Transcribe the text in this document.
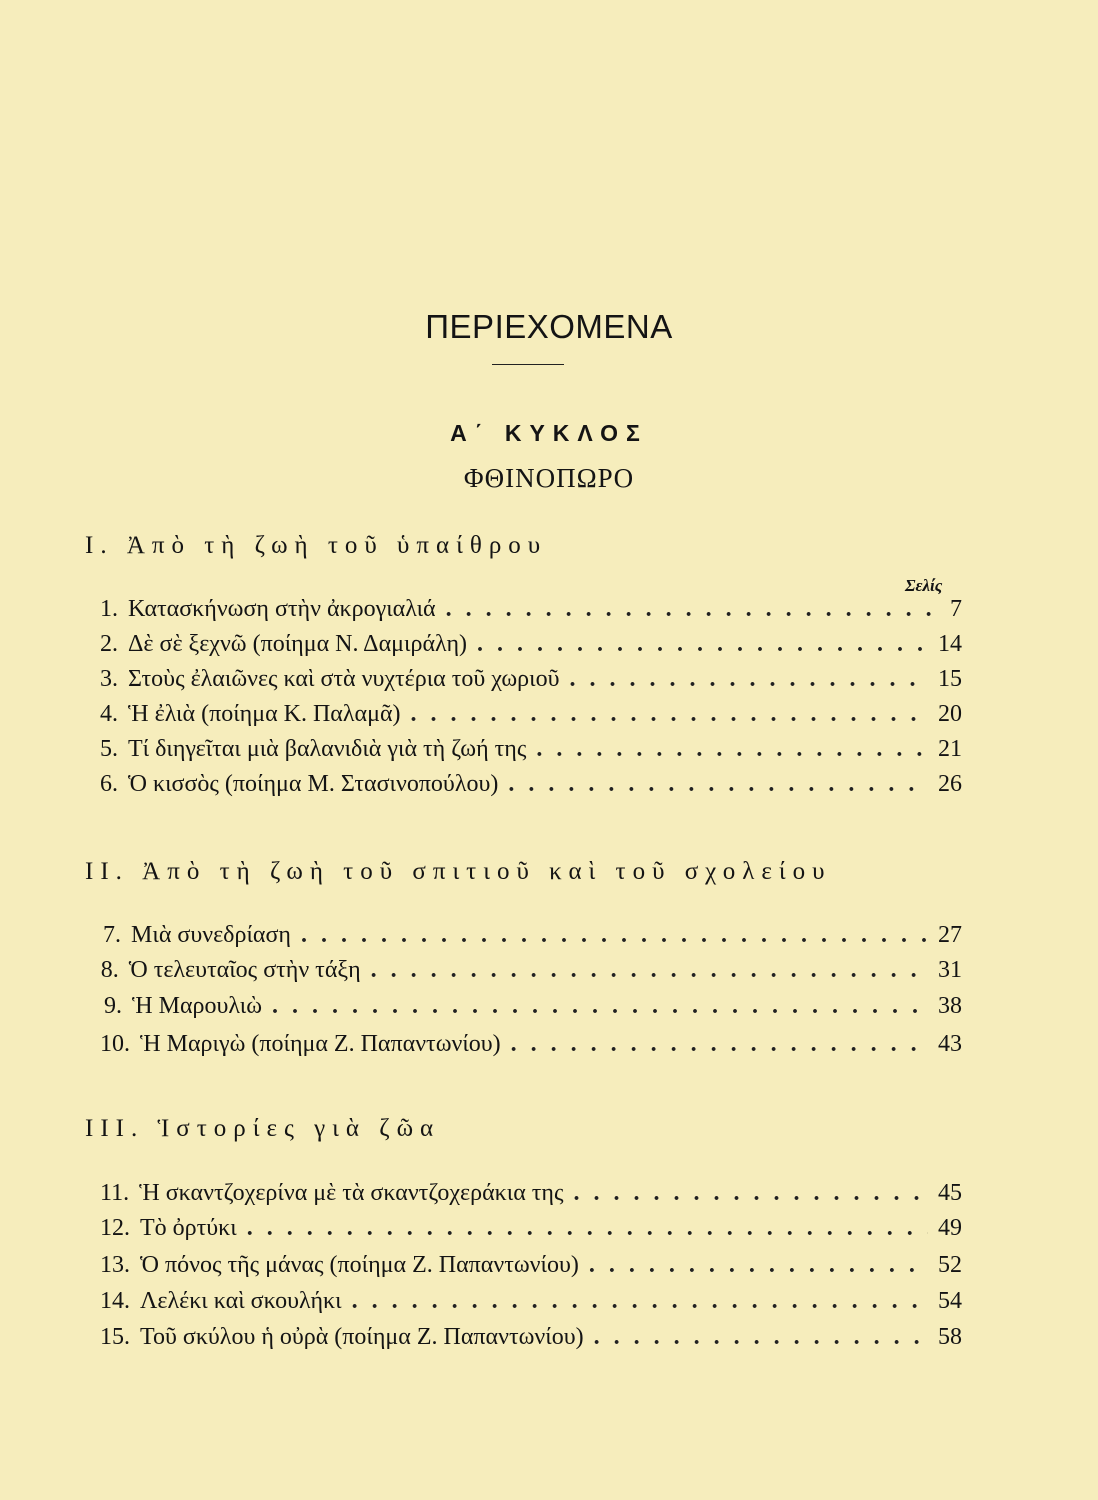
ΠΕΡΙΕΧΟΜΕΝΑ
Α΄ ΚΥΚΛΟΣ
ΦΘΙΝΟΠΩΡΟ
I. Ἀπὸ τὴ ζωὴ τοῦ ὑπαίθρου
Σελίς
1. Κατασκήνωση στὴν ἀκρογιαλιά . . .	7
2. Δὲ σὲ ξεχνῶ (ποίημα Ν. Δαμιράλη) . . .	14
3. Στοὺς ἐλαιῶνες καὶ στὰ νυχτέρια τοῦ χωριοῦ . . .	15
4. Ἡ ἐλιὰ (ποίημα Κ. Παλαμᾶ) . . .	20
5. Τί διηγεῖται μιὰ βαλανιδιὰ γιὰ τὴ ζωή της . . .	21
6. Ὁ κισσὸς (ποίημα Μ. Στασινοπούλου) . . .	26
II. Ἀπὸ τὴ ζωὴ τοῦ σπιτιοῦ καὶ τοῦ σχολείου
7. Μιὰ συνεδρίαση . . .	27
8. Ὁ τελευταῖος στὴν τάξη . . .	31
9. Ἡ Μαρουλιὼ . . .	38
10. Ἡ Μαριγὼ (ποίημα Ζ. Παπαντωνίου) . . .	43
III. Ἱστορίες γιὰ ζῶα
11. Ἡ σκαντζοχερίνα μὲ τὰ σκαντζοχεράκια της . . .	45
12. Τὸ ὀρτύκι . . .	49
13. Ὁ πόνος τῆς μάνας (ποίημα Ζ. Παπαντωνίου) . . .	52
14. Λελέκι καὶ σκουλήκι . . .	54
15. Τοῦ σκύλου ἡ οὐρὰ (ποίημα Ζ. Παπαντωνίου) . . .	58
